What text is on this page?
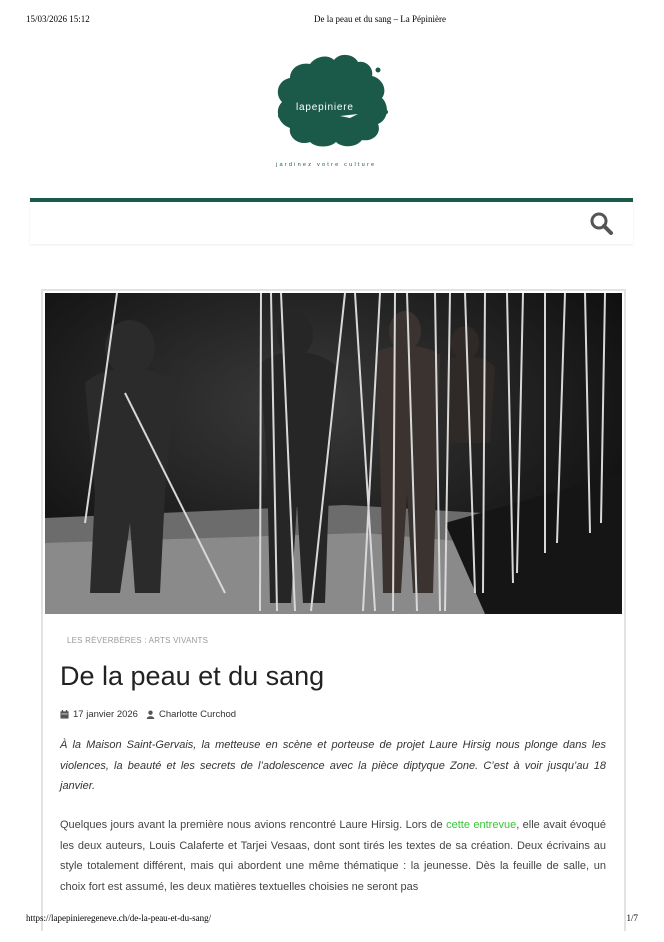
15/03/2026 15:12	De la peau et du sang – La Pépinière
lapepiniere
jardinez votre culture
LES RÉVERBÈRES : ARTS VIVANTS
De la peau et du sang
17 janvier 2026 Charlotte Curchod

À la Maison Saint-Gervais, la metteuse en scène et porteuse de projet Laure Hirsig nous plonge dans les violences, la beauté et les secrets de l’adolescence avec la pièce diptyque Zone. C’est à voir jusqu’au 18 janvier.

Quelques jours avant la première nous avions rencontré Laure Hirsig. Lors de cette entrevue, elle avait évoqué les deux auteurs, Louis Calaferte et Tarjei Vesaas, dont sont tirés les textes de sa création. Deux écrivains au style totalement différent, mais qui abordent une même thématique : la jeunesse. Dès la feuille de salle, un choix fort est assumé, les deux matières textuelles choisies ne seront pas

https://lapepinieregeneve.ch/de-la-peau-et-du-sang/	1/7
